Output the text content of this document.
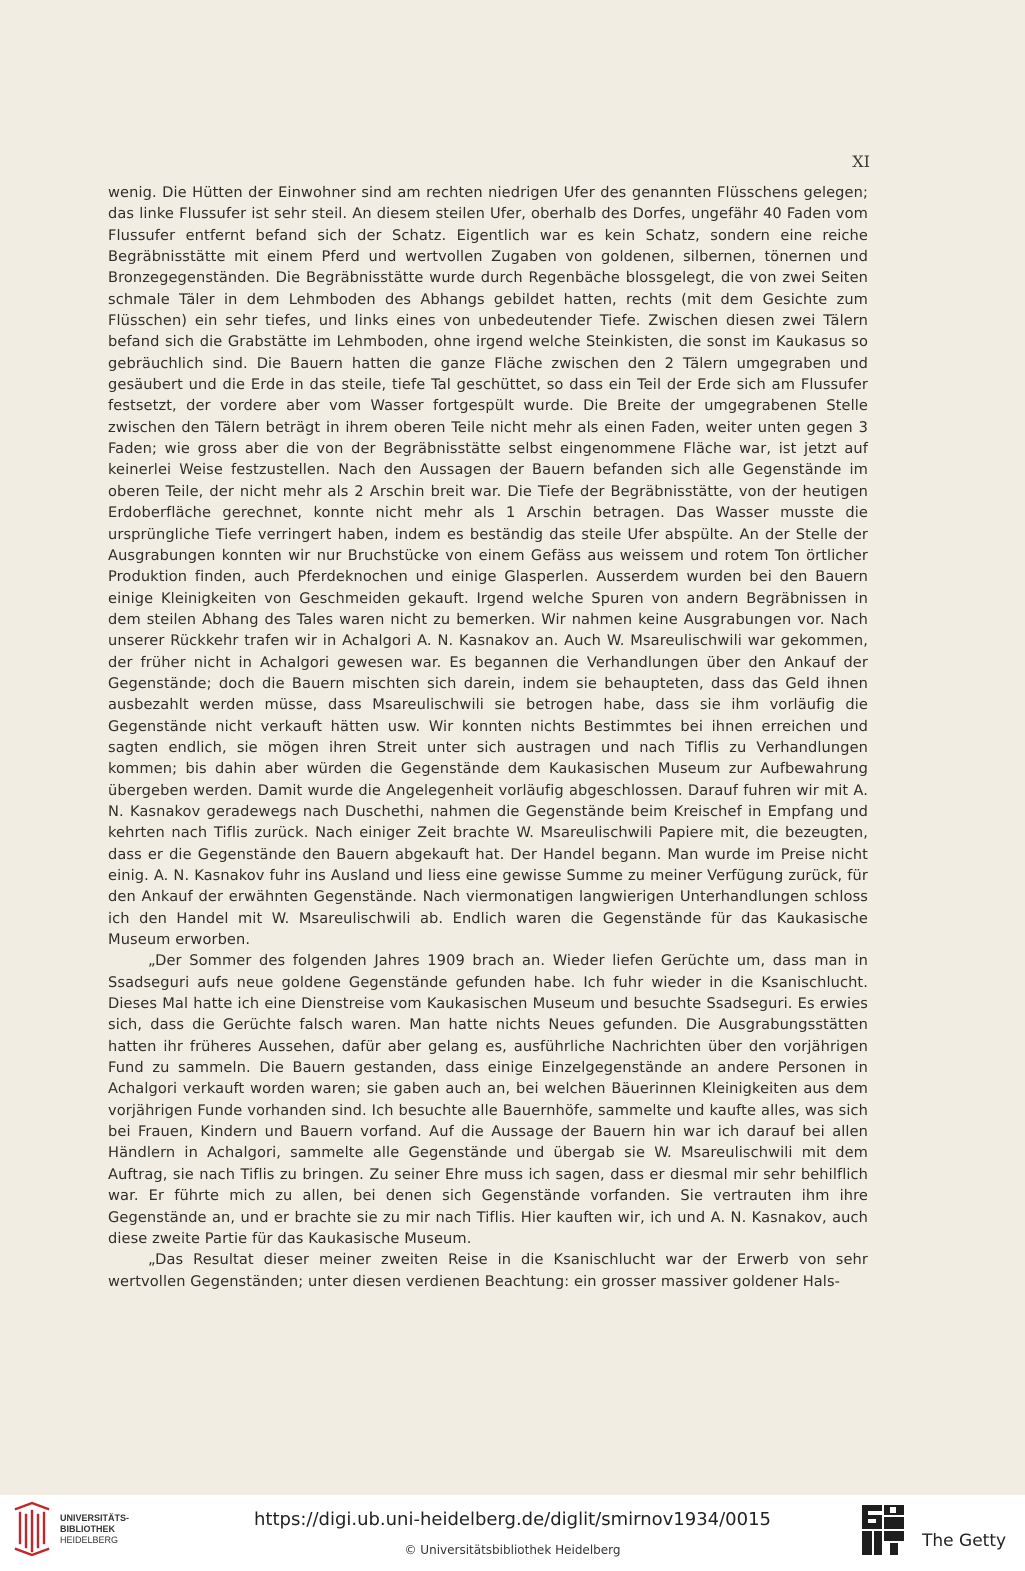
XI

wenig. Die Hütten der Einwohner sind am rechten niedrigen Ufer des genannten Flüsschens gelegen; das linke Flussufer ist sehr steil. An diesem steilen Ufer, oberhalb des Dorfes, ungefähr 40 Faden vom Flussufer entfernt befand sich der Schatz. Eigentlich war es kein Schatz, sondern eine reiche Begräbnisstätte mit einem Pferd und wertvollen Zugaben von goldenen, silbernen, tönernen und Bronzegegenständen. Die Begräbnisstätte wurde durch Regenbäche blossgelegt, die von zwei Seiten schmale Täler in dem Lehmboden des Abhangs gebildet hatten, rechts (mit dem Gesichte zum Flüsschen) ein sehr tiefes, und links eines von unbedeutender Tiefe. Zwischen diesen zwei Tälern befand sich die Grabstätte im Lehmboden, ohne irgend welche Steinkisten, die sonst im Kaukasus so gebräuchlich sind. Die Bauern hatten die ganze Fläche zwischen den 2 Tälern umgegraben und gesäubert und die Erde in das steile, tiefe Tal geschüttet, so dass ein Teil der Erde sich am Flussufer festsetzt, der vordere aber vom Wasser fortgespült wurde. Die Breite der umgegrabenen Stelle zwischen den Tälern beträgt in ihrem oberen Teile nicht mehr als einen Faden, weiter unten gegen 3 Faden; wie gross aber die von der Begräbnisstätte selbst eingenommene Fläche war, ist jetzt auf keinerlei Weise festzustellen. Nach den Aussagen der Bauern befanden sich alle Gegenstände im oberen Teile, der nicht mehr als 2 Arschin breit war. Die Tiefe der Begräbnisstätte, von der heutigen Erdoberfläche gerechnet, konnte nicht mehr als 1 Arschin betragen. Das Wasser musste die ursprüngliche Tiefe verringert haben, indem es beständig das steile Ufer abspülte. An der Stelle der Ausgrabungen konnten wir nur Bruchstücke von einem Gefäss aus weissem und rotem Ton örtlicher Produktion finden, auch Pferdeknochen und einige Glasperlen. Ausserdem wurden bei den Bauern einige Kleinigkeiten von Geschmeiden gekauft. Irgend welche Spuren von andern Begräbnissen in dem steilen Abhang des Tales waren nicht zu bemerken. Wir nahmen keine Ausgrabungen vor. Nach unserer Rückkehr trafen wir in Achalgori A. N. Kasnakov an. Auch W. Msareulischwili war gekommen, der früher nicht in Achalgori gewesen war. Es begannen die Verhandlungen über den Ankauf der Gegenstände; doch die Bauern mischten sich darein, indem sie behaupteten, dass das Geld ihnen ausbezahlt werden müsse, dass Msareulischwili sie betrogen habe, dass sie ihm vorläufig die Gegenstände nicht verkauft hätten usw. Wir konnten nichts Bestimmtes bei ihnen erreichen und sagten endlich, sie mögen ihren Streit unter sich austragen und nach Tiflis zu Verhandlungen kommen; bis dahin aber würden die Gegenstände dem Kaukasischen Museum zur Aufbewahrung übergeben werden. Damit wurde die Angelegenheit vorläufig abgeschlossen. Darauf fuhren wir mit A. N. Kasnakov geradewegs nach Duschethi, nahmen die Gegenstände beim Kreischef in Empfang und kehrten nach Tiflis zurück. Nach einiger Zeit brachte W. Msareulischwili Papiere mit, die bezeugten, dass er die Gegenstände den Bauern abgekauft hat. Der Handel begann. Man wurde im Preise nicht einig. A. N. Kasnakov fuhr ins Ausland und liess eine gewisse Summe zu meiner Verfügung zurück, für den Ankauf der erwähnten Gegenstände. Nach viermonatigen langwierigen Unterhandlungen schloss ich den Handel mit W. Msareulischwili ab. Endlich waren die Gegenstände für das Kaukasische Museum erworben.

„Der Sommer des folgenden Jahres 1909 brach an. Wieder liefen Gerüchte um, dass man in Ssadseguri aufs neue goldene Gegenstände gefunden habe. Ich fuhr wieder in die Ksanischlucht. Dieses Mal hatte ich eine Dienstreise vom Kaukasischen Museum und besuchte Ssadseguri. Es erwies sich, dass die Gerüchte falsch waren. Man hatte nichts Neues gefunden. Die Ausgrabungsstätten hatten ihr früheres Aussehen, dafür aber gelang es, ausführliche Nachrichten über den vorjährigen Fund zu sammeln. Die Bauern gestanden, dass einige Einzelgegenstände an andere Personen in Achalgori verkauft worden waren; sie gaben auch an, bei welchen Bäuerinnen Kleinigkeiten aus dem vorjährigen Funde vorhanden sind. Ich besuchte alle Bauernhöfe, sammelte und kaufte alles, was sich bei Frauen, Kindern und Bauern vorfand. Auf die Aussage der Bauern hin war ich darauf bei allen Händlern in Achalgori, sammelte alle Gegenstände und übergab sie W. Msareulischwili mit dem Auftrag, sie nach Tiflis zu bringen. Zu seiner Ehre muss ich sagen, dass er diesmal mir sehr behilflich war. Er führte mich zu allen, bei denen sich Gegenstände vorfanden. Sie vertrauten ihm ihre Gegenstände an, und er brachte sie zu mir nach Tiflis. Hier kauften wir, ich und A. N. Kasnakov, auch diese zweite Partie für das Kaukasische Museum.

„Das Resultat dieser meiner zweiten Reise in die Ksanischlucht war der Erwerb von sehr wertvollen Gegenständen; unter diesen verdienen Beachtung: ein grosser massiver goldener Hals-

UNIVERSITÄTS-
BIBLIOTHEK
HEIDELBERG
https://digi.ub.uni-heidelberg.de/diglit/smirnov1934/0015
© Universitätsbibliothek Heidelberg	The Getty
